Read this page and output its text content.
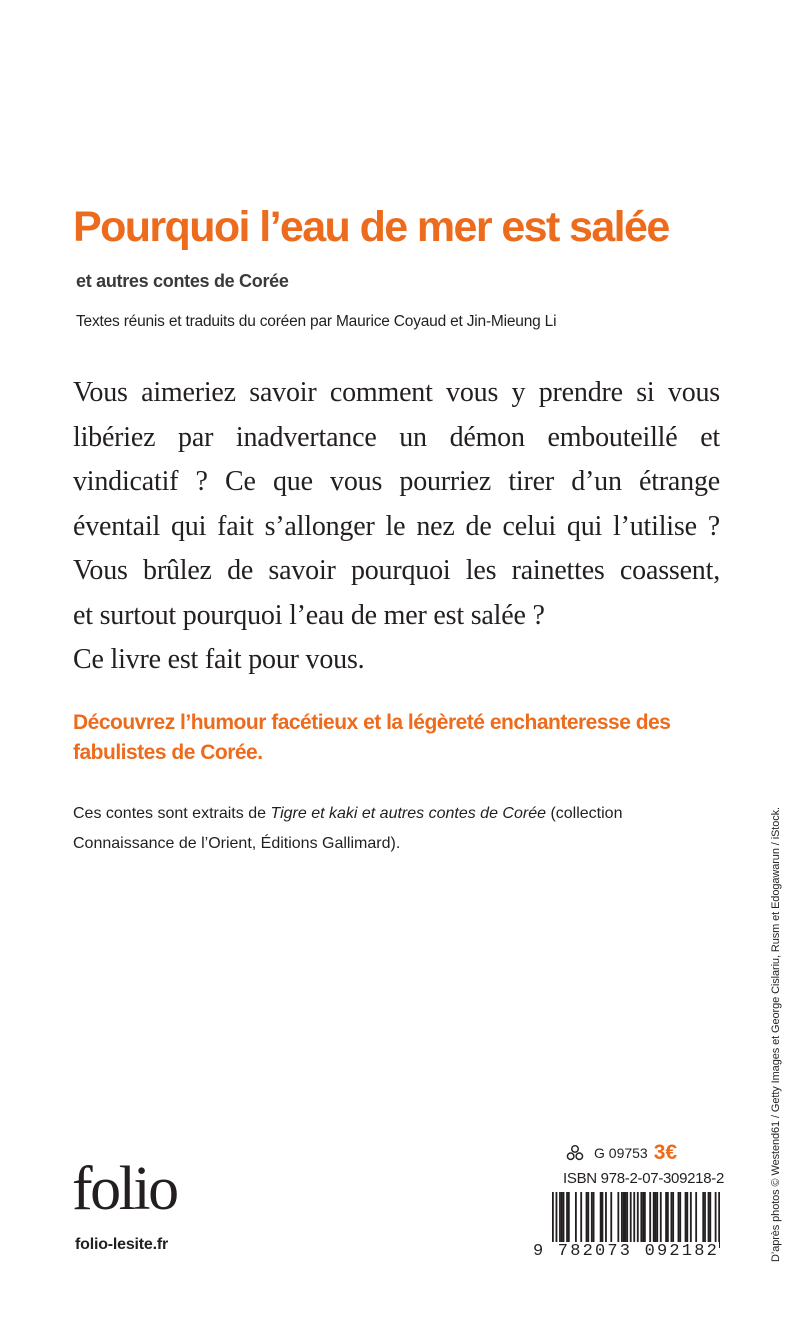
Pourquoi l’eau de mer est salée
et autres contes de Corée
Textes réunis et traduits du coréen par Maurice Coyaud et Jin-Mieung Li
Vous aimeriez savoir comment vous y prendre si vous
libériez par inadvertance un démon embouteillé et
vindicatif ? Ce que vous pourriez tirer d’un étrange
éventail qui fait s’allonger le nez de celui qui l’utilise ?
Vous brûlez de savoir pourquoi les rainettes coassent,
et surtout pourquoi l’eau de mer est salée ?
Ce livre est fait pour vous.
Découvrez l’humour facétieux et la légèreté enchanteresse des
fabulistes de Corée.
Ces contes sont extraits de Tigre et kaki et autres contes de Corée (collection
Connaissance de l’Orient, Éditions Gallimard).	D’après photos © Westend61 / Getty Images et George Cislariu, Rusm et Edogawarun / iStock.
folio
folio-lesite.fr
G 09753 3€
ISBN 978-2-07-309218-2
9 782073 092182
